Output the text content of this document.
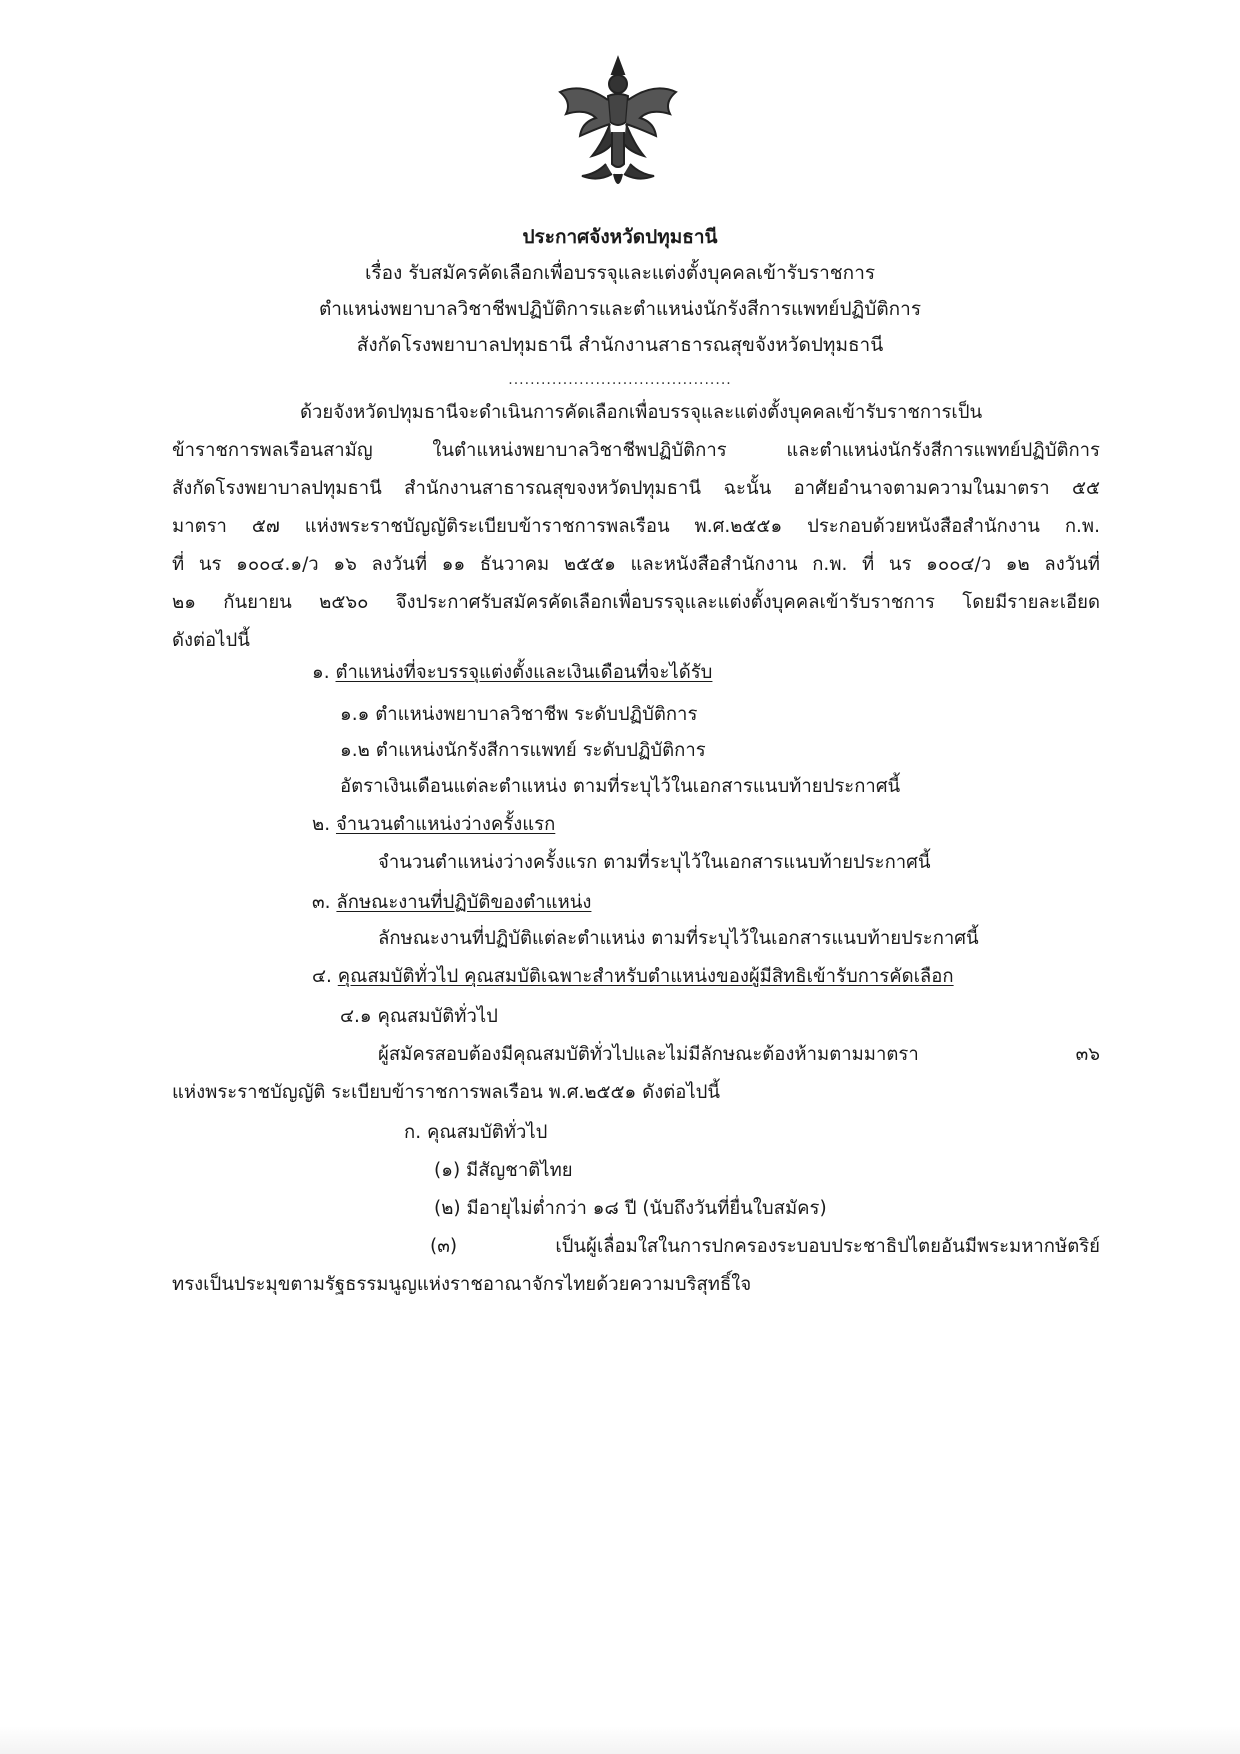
ประกาศจังหวัดปทุมธานี
เรื่อง รับสมัครคัดเลือกเพื่อบรรจุและแต่งตั้งบุคคลเข้ารับราชการ
ตำแหน่งพยาบาลวิชาชีพปฏิบัติการและตำแหน่งนักรังสีการแพทย์ปฏิบัติการ
สังกัดโรงพยาบาลปทุมธานี สำนักงานสาธารณสุขจังหวัดปทุมธานี
.........................................
ด้วยจังหวัดปทุมธานีจะดำเนินการคัดเลือกเพื่อบรรจุและแต่งตั้งบุคคลเข้ารับราชการเป็น
ข้าราชการพลเรือนสามัญ ในตำแหน่งพยาบาลวิชาชีพปฏิบัติการ และตำแหน่งนักรังสีการแพทย์ปฏิบัติการ
สังกัดโรงพยาบาลปทุมธานี สำนักงานสาธารณสุขจงหวัดปทุมธานี ฉะนั้น อาศัยอำนาจตามความในมาตรา ๕๕
มาตรา ๕๗ แห่งพระราชบัญญัติระเบียบข้าราชการพลเรือน พ.ศ.๒๕๕๑ ประกอบด้วยหนังสือสำนักงาน ก.พ.
ที่ นร ๑๐๐๔.๑/ว ๑๖ ลงวันที่ ๑๑ ธันวาคม ๒๕๕๑ และหนังสือสำนักงาน ก.พ. ที่ นร ๑๐๐๔/ว ๑๒ ลงวันที่
๒๑ กันยายน ๒๕๖๐ จึงประกาศรับสมัครคัดเลือกเพื่อบรรจุและแต่งตั้งบุคคลเข้ารับราชการ โดยมีรายละเอียด
ดังต่อไปนี้
๑. ตำแหน่งที่จะบรรจุแต่งตั้งและเงินเดือนที่จะได้รับ
๑.๑ ตำแหน่งพยาบาลวิชาชีพ ระดับปฏิบัติการ
๑.๒ ตำแหน่งนักรังสีการแพทย์ ระดับปฏิบัติการ
อัตราเงินเดือนแต่ละตำแหน่ง ตามที่ระบุไว้ในเอกสารแนบท้ายประกาศนี้
๒. จำนวนตำแหน่งว่างครั้งแรก
จำนวนตำแหน่งว่างครั้งแรก ตามที่ระบุไว้ในเอกสารแนบท้ายประกาศนี้
๓. ลักษณะงานที่ปฏิบัติของตำแหน่ง
ลักษณะงานที่ปฏิบัติแต่ละตำแหน่ง ตามที่ระบุไว้ในเอกสารแนบท้ายประกาศนี้
๔. คุณสมบัติทั่วไป คุณสมบัติเฉพาะสำหรับตำแหน่งของผู้มีสิทธิเข้ารับการคัดเลือก
๔.๑ คุณสมบัติทั่วไป
ผู้สมัครสอบต้องมีคุณสมบัติทั่วไปและไม่มีลักษณะต้องห้ามตามมาตรา ๓๖
แห่งพระราชบัญญัติ ระเบียบข้าราชการพลเรือน พ.ศ.๒๕๕๑ ดังต่อไปนี้
ก. คุณสมบัติทั่วไป
(๑) มีสัญชาติไทย
(๒) มีอายุไม่ต่ำกว่า ๑๘ ปี (นับถึงวันที่ยื่นใบสมัคร)
(๓) เป็นผู้เลื่อมใสในการปกครองระบอบประชาธิปไตยอันมีพระมหากษัตริย์
ทรงเป็นประมุขตามรัฐธรรมนูญแห่งราชอาณาจักรไทยด้วยความบริสุทธิ์ใจ
